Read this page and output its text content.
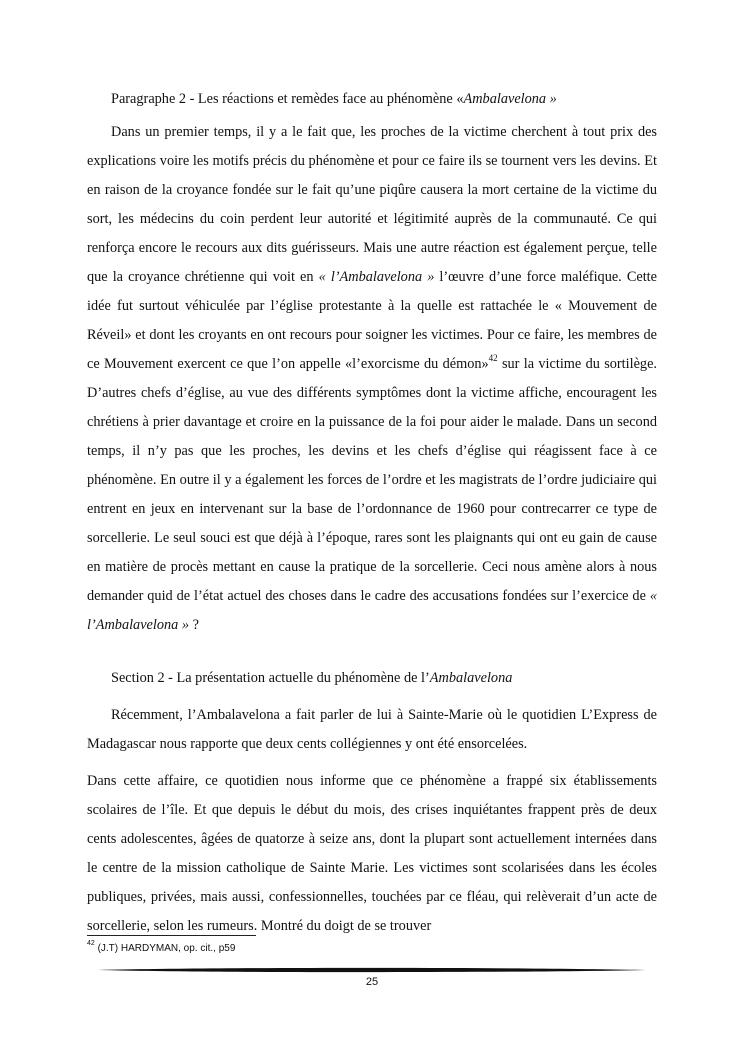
Paragraphe 2 - Les réactions et remèdes face au phénomène «Ambalavelona »

Dans un premier temps, il y a le fait que, les proches de la victime cherchent à tout prix des explications voire les motifs précis du phénomène et pour ce faire ils se tournent vers les devins. Et en raison de la croyance fondée sur le fait qu’une piqûre causera la mort certaine de la victime du sort, les médecins du coin perdent leur autorité et légitimité auprès de la communauté. Ce qui renforça encore le recours aux dits guérisseurs. Mais une autre réaction est également perçue, telle que la croyance chrétienne qui voit en « l’Ambalavelona » l’œuvre d’une force maléfique. Cette idée fut surtout véhiculée par l’église protestante à la quelle est rattachée le « Mouvement de Réveil» et dont les croyants en ont recours pour soigner les victimes. Pour ce faire, les membres de ce Mouvement exercent ce que l’on appelle «l’exorcisme du démon»$^{42}$ sur la victime du sortilège. D’autres chefs d’église, au vue des différents symptômes dont la victime affiche, encouragent les chrétiens à prier davantage et croire en la puissance de la foi pour aider le malade. Dans un second temps, il n’y pas que les proches, les devins et les chefs d’église qui réagissent face à ce phénomène. En outre il y a également les forces de l’ordre et les magistrats de l’ordre judiciaire qui entrent en jeux en intervenant sur la base de l’ordonnance de 1960 pour contrecarrer ce type de sorcellerie. Le seul souci est que déjà à l’époque, rares sont les plaignants qui ont eu gain de cause en matière de procès mettant en cause la pratique de la sorcellerie. Ceci nous amène alors à nous demander quid de l’état actuel des choses dans le cadre des accusations fondées sur l’exercice de « l’Ambalavelona » ?

Section 2 - La présentation actuelle du phénomène de l’Ambalavelona

Récemment, l’Ambalavelona a fait parler de lui à Sainte-Marie où le quotidien L’Express de Madagascar nous rapporte que deux cents collégiennes y ont été ensorcelées.

Dans cette affaire, ce quotidien nous informe que ce phénomène a frappé six établissements scolaires de l’île. Et que depuis le début du mois, des crises inquiétantes frappent près de deux cents adolescentes, âgées de quatorze à seize ans, dont la plupart sont actuellement internées dans le centre de la mission catholique de Sainte Marie. Les victimes sont scolarisées dans les écoles publiques, privées, mais aussi, confessionnelles, touchées par ce fléau, qui relèverait d’un acte de sorcellerie, selon les rumeurs. Montré du doigt de se trouver

$^{42}$ (J.T) HARDYMAN, op. cit., p59

25
